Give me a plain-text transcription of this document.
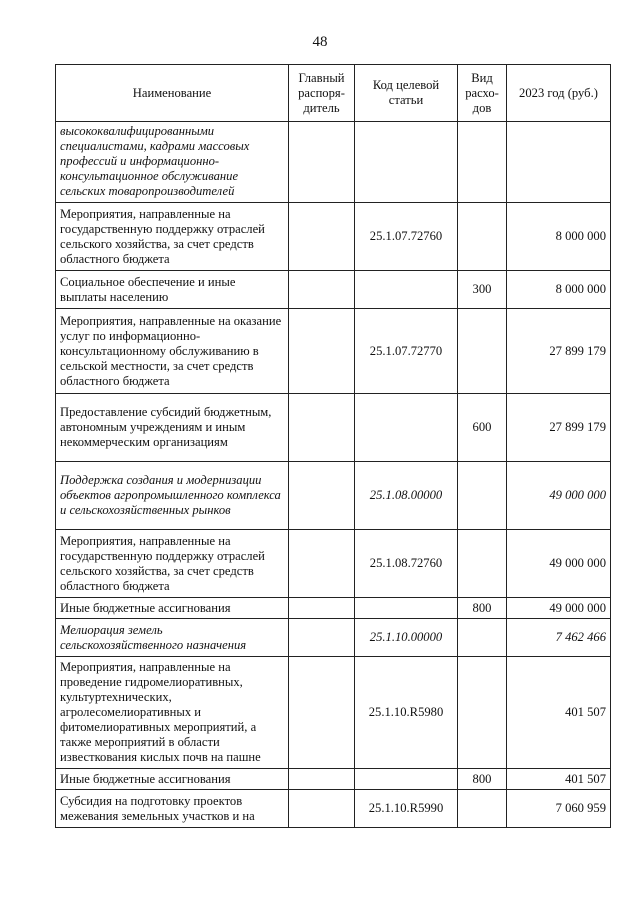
48
Наименование	Главный распоря-дитель	Код целевой статьи	Вид расхо-дов	2023 год (руб.)
высококвалифицированными специалистами, кадрами массовых профессий и информационно-консультационное обслуживание сельских товаропроизводителей				
Мероприятия, направленные на государственную поддержку отраслей сельского хозяйства, за счет средств областного бюджета		25.1.07.72760		8 000 000
Социальное обеспечение и иные выплаты населению			300	8 000 000
Мероприятия, направленные на оказание услуг по информационно-консультационному обслуживанию в сельской местности, за счет средств областного бюджета		25.1.07.72770		27 899 179
Предоставление субсидий бюджетным, автономным учреждениям и иным некоммерческим организациям			600	27 899 179
Поддержка создания и модернизации объектов агропромышленного комплекса и сельскохозяйственных рынков		25.1.08.00000		49 000 000
Мероприятия, направленные на государственную поддержку отраслей сельского хозяйства, за счет средств областного бюджета		25.1.08.72760		49 000 000
Иные бюджетные ассигнования			800	49 000 000
Мелиорация земель сельскохозяйственного назначения		25.1.10.00000		7 462 466
Мероприятия, направленные на проведение гидромелиоративных, культуртехнических, агролесомелиоративных и фитомелиоративных мероприятий, а также мероприятий в области известкования кислых почв на пашне		25.1.10.R5980		401 507
Иные бюджетные ассигнования			800	401 507
Субсидия на подготовку проектов межевания земельных участков и на		25.1.10.R5990		7 060 959
